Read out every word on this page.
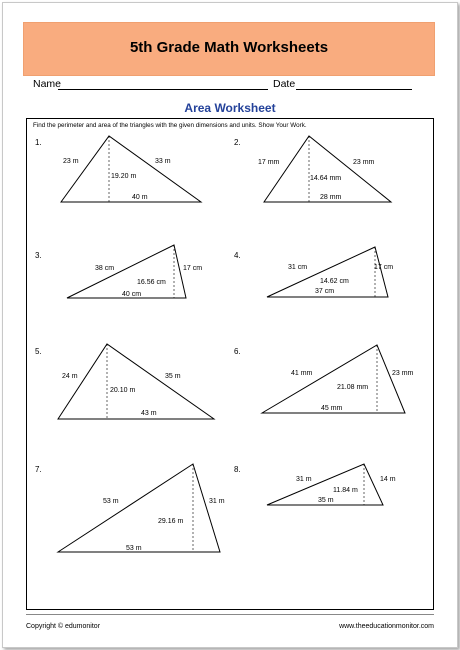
5th Grade Math Worksheets
Name	Date
Area Worksheet
Find the perimeter and area of the triangles with the given dimensions and units. Show Your Work.
1.	2.
3.	4.
5.	6.
7.	8.
23 m	33 m
19.20 m
40 m
17 mm	23 mm
14.64 mm
28 mm
38 cm	17 cm
16.56 cm
40 cm
31 cm	17 cm
14.62 cm
37 cm
24 m	35 m
20.10 m
43 m
41 mm	23 mm
21.08 mm
45 mm
53 m	31 m
29.16 m
53 m
31 m	14 m
11.84 m
35 m
Copyright © edumonitor	www.theeducationmonitor.com
